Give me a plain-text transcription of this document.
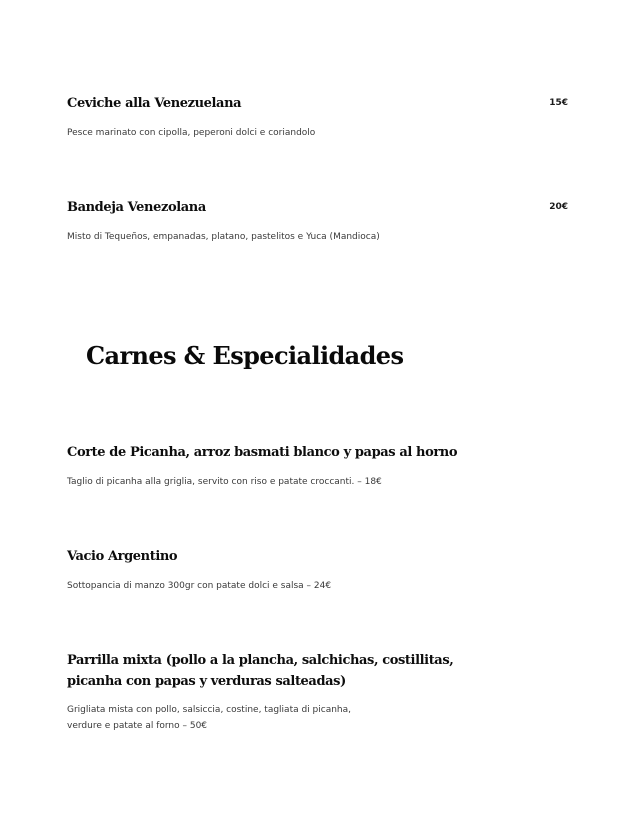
Ceviche alla Venezuelana	15€

Pesce marinato con cipolla, peperoni dolci e coriandolo

Bandeja Venezolana	20€

Misto di Tequeños, empanadas, platano, pastelitos e Yuca (Mandioca)

Carnes & Especialidades
Corte de Picanha, arroz basmati blanco y papas al horno

Taglio di picanha alla griglia, servito con riso e patate croccanti. – 18€

Vacio Argentino

Sottopancia di manzo 300gr con patate dolci e salsa – 24€

Parrilla mixta (pollo a la plancha, salchichas, costillitas,
picanha con papas y verduras salteadas)

Grigliata mista con pollo, salsiccia, costine, tagliata di picanha,

verdure e patate al forno – 50€
